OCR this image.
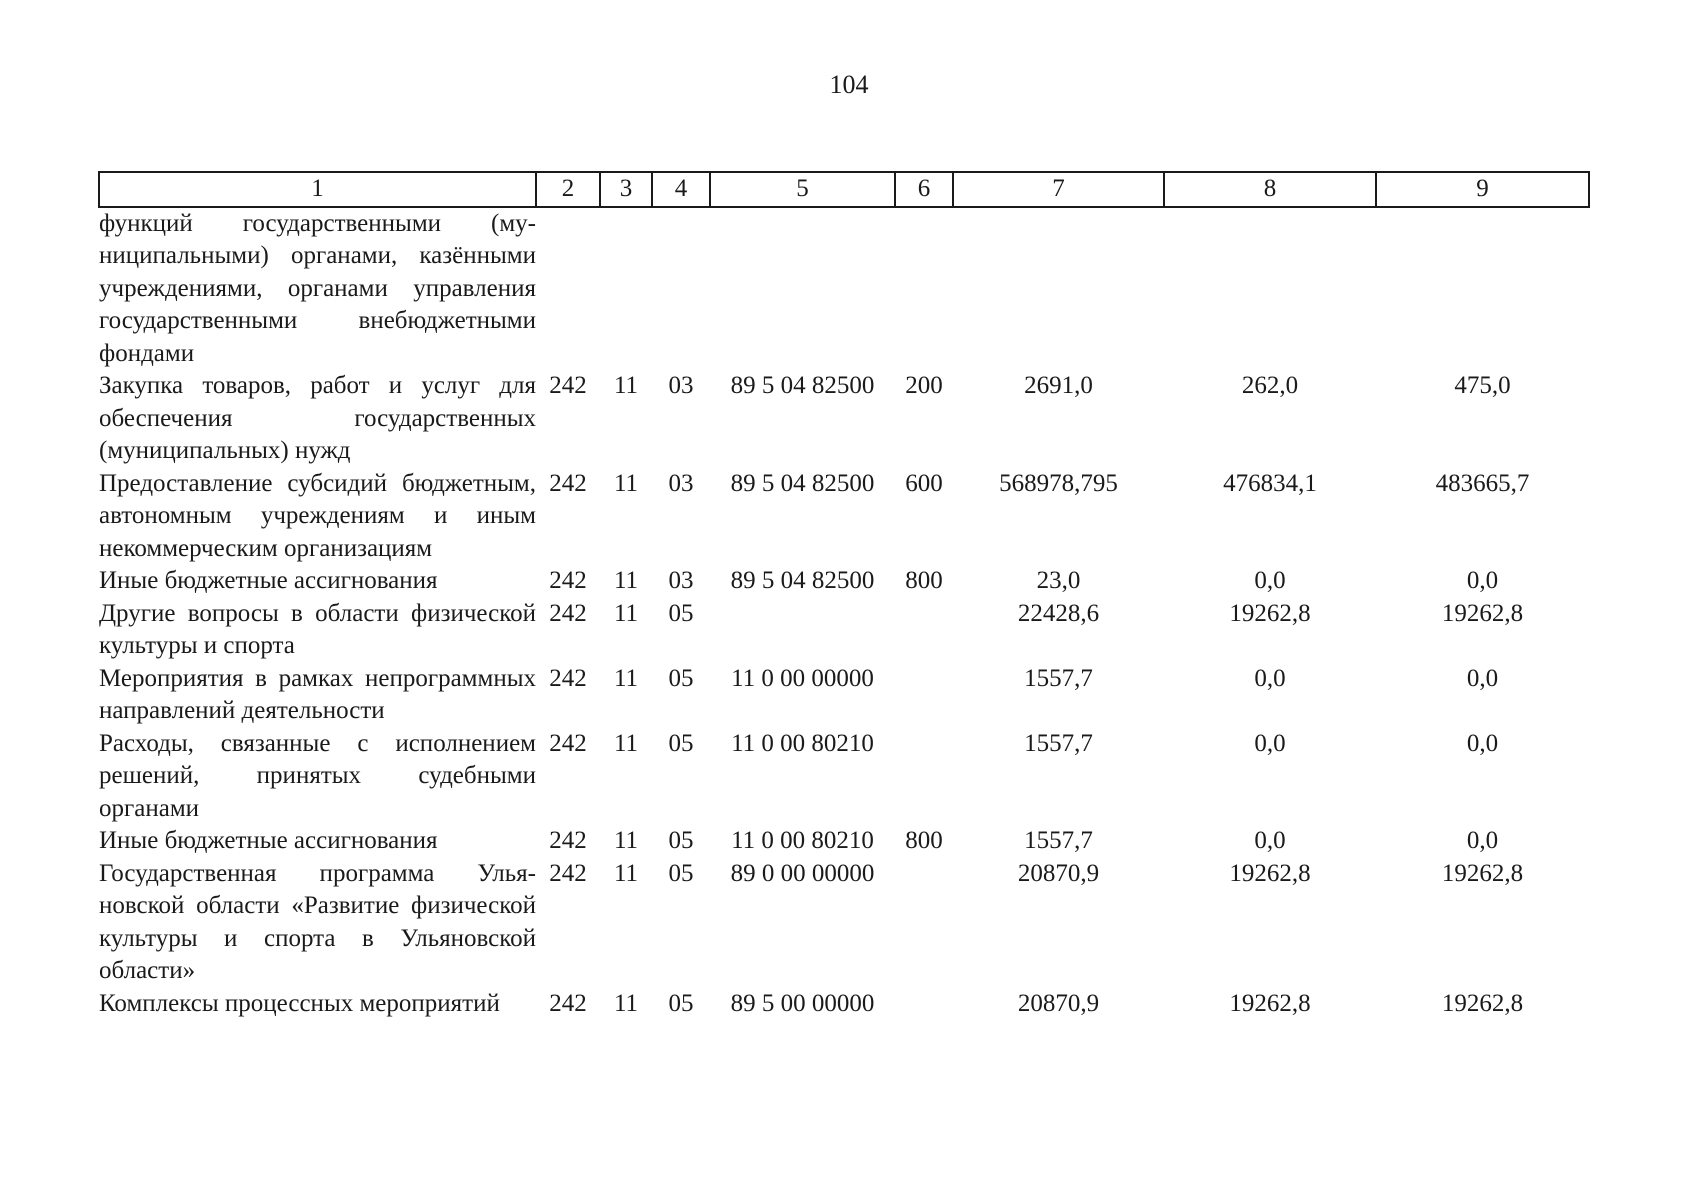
104
1	2	3	4	5	6	7	8	9
функций государственными (муниципальными) органами, казёнными учреждениями, органами управления государственными внебюджетными фондами								
Закупка товаров, работ и услуг для обеспечения государственных (муниципальных) нужд	242	11	03	89 5 04 82500	200	2691,0	262,0	475,0
Предоставление субсидий бюджетным, автономным учреждениям и иным некоммерческим организациям	242	11	03	89 5 04 82500	600	568978,795	476834,1	483665,7
Иные бюджетные ассигнования	242	11	03	89 5 04 82500	800	23,0	0,0	0,0
Другие вопросы в области физической культуры и спорта	242	11	05			22428,6	19262,8	19262,8
Мероприятия в рамках непрограммных направлений деятельности	242	11	05	11 0 00 00000		1557,7	0,0	0,0
Расходы, связанные с исполнением решений, принятых судебными органами	242	11	05	11 0 00 80210		1557,7	0,0	0,0
Иные бюджетные ассигнования	242	11	05	11 0 00 80210	800	1557,7	0,0	0,0
Государственная программа Ульяновской области «Развитие физической культуры и спорта в Ульяновской области»	242	11	05	89 0 00 00000		20870,9	19262,8	19262,8
Комплексы процессных мероприятий	242	11	05	89 5 00 00000		20870,9	19262,8	19262,8
